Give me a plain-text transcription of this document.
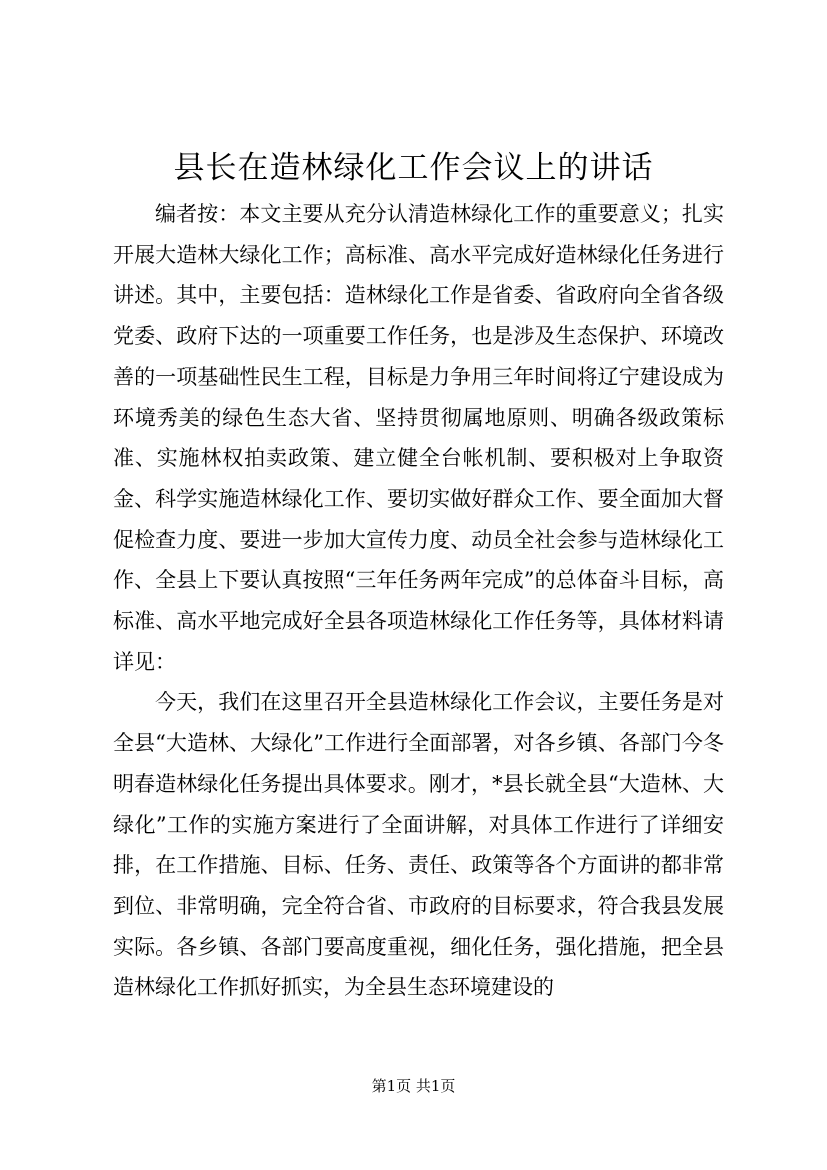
县长在造林绿化工作会议上的讲话

编者按：本文主要从充分认清造林绿化工作的重要意义；扎实开展大造林大绿化工作；高标准、高水平完成好造林绿化任务进行讲述。其中，主要包括：造林绿化工作是省委、省政府向全省各级党委、政府下达的一项重要工作任务，也是涉及生态保护、环境改善的一项基础性民生工程，目标是力争用三年时间将辽宁建设成为环境秀美的绿色生态大省、坚持贯彻属地原则、明确各级政策标准、实施林权拍卖政策、建立健全台帐机制、要积极对上争取资金、科学实施造林绿化工作、要切实做好群众工作、要全面加大督促检查力度、要进一步加大宣传力度、动员全社会参与造林绿化工作、全县上下要认真按照“三年任务两年完成”的总体奋斗目标，高标准、高水平地完成好全县各项造林绿化工作任务等，具体材料请详见：

今天，我们在这里召开全县造林绿化工作会议，主要任务是对全县“大造林、大绿化”工作进行全面部署，对各乡镇、各部门今冬明春造林绿化任务提出具体要求。刚才，*县长就全县“大造林、大绿化”工作的实施方案进行了全面讲解，对具体工作进行了详细安排，在工作措施、目标、任务、责任、政策等各个方面讲的都非常到位、非常明确，完全符合省、市政府的目标要求，符合我县发展实际。各乡镇、各部门要高度重视，细化任务，强化措施，把全县造林绿化工作抓好抓实，为全县生态环境建设的

第1页 共1页
